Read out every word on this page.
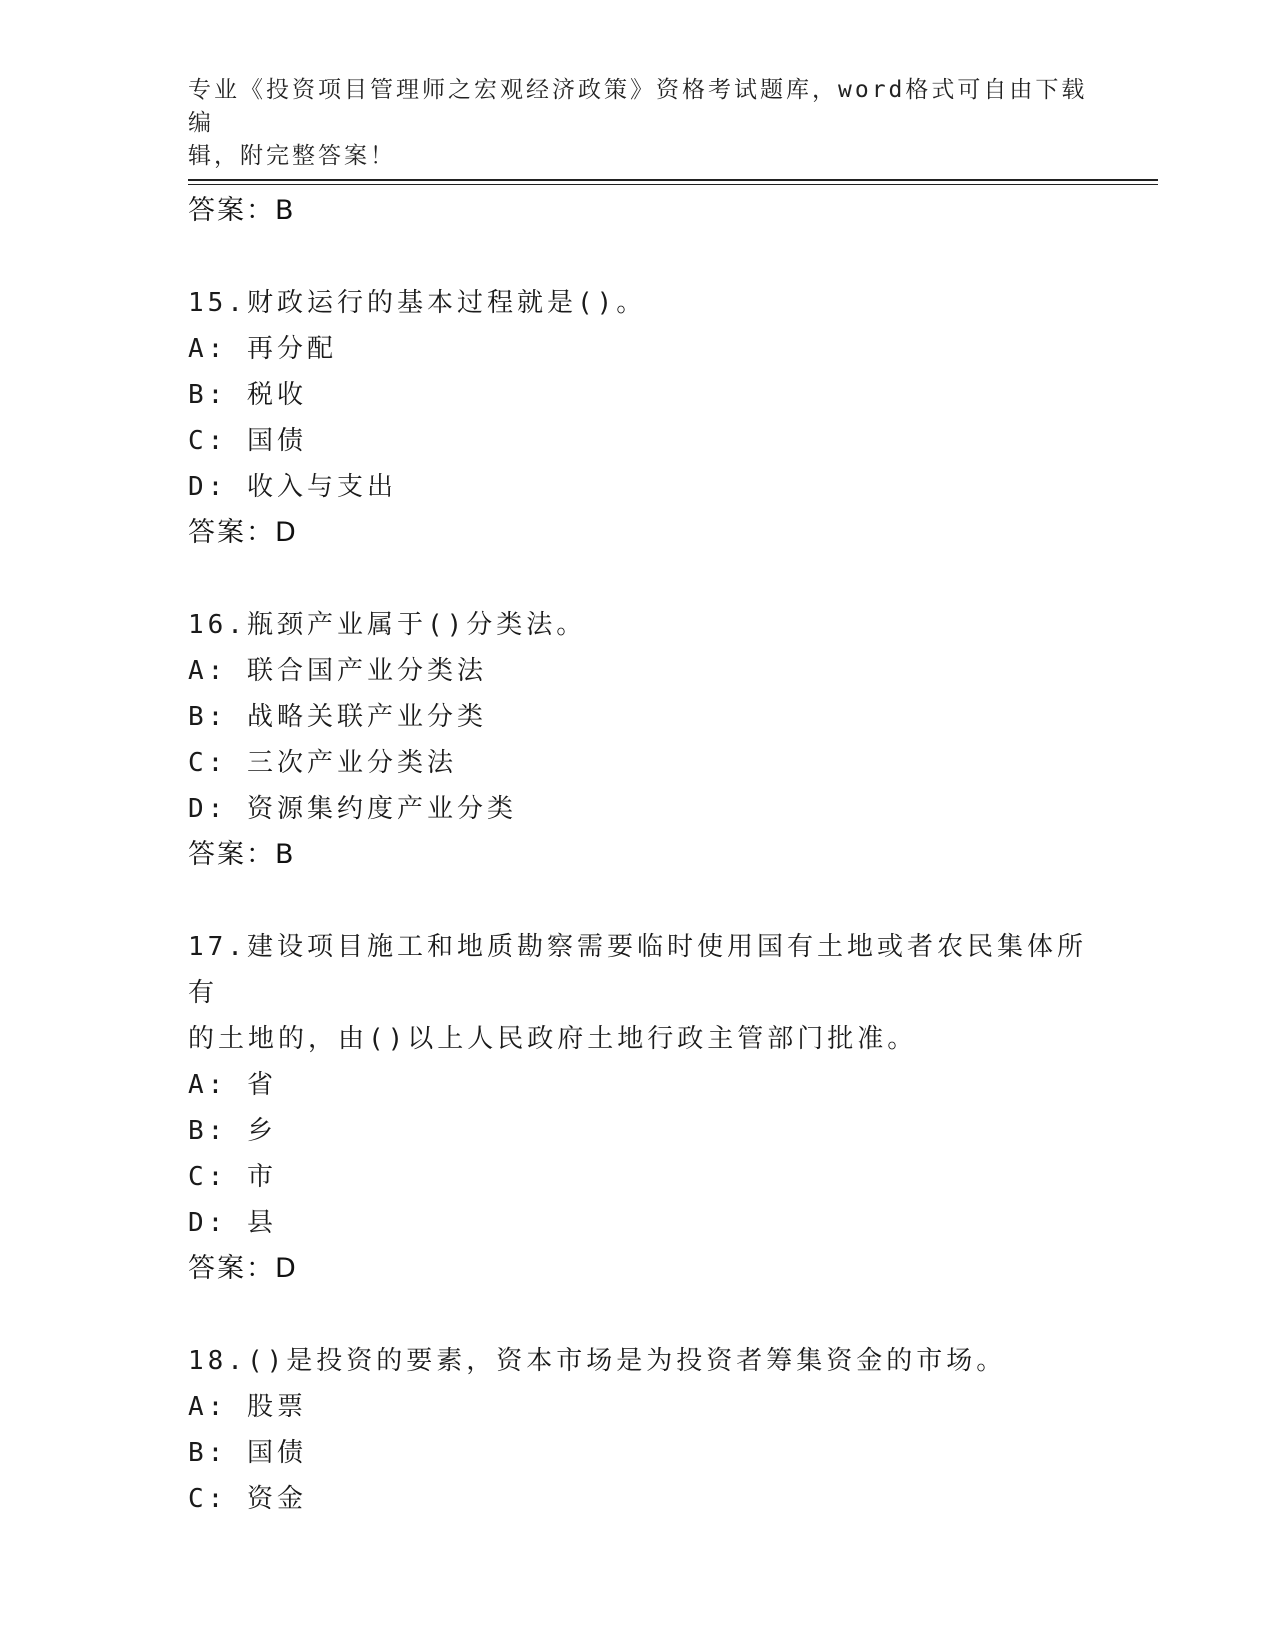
专业《投资项目管理师之宏观经济政策》资格考试题库，word格式可自由下载编
辑，附完整答案！
答案：B
15.财政运行的基本过程就是()。
A: 再分配
B: 税收
C: 国债
D: 收入与支出
答案：D
16.瓶颈产业属于()分类法。
A: 联合国产业分类法
B: 战略关联产业分类
C: 三次产业分类法
D: 资源集约度产业分类
答案：B
17.建设项目施工和地质勘察需要临时使用国有土地或者农民集体所有
的土地的，由()以上人民政府土地行政主管部门批准。
A: 省
B: 乡
C: 市
D: 县
答案：D
18.()是投资的要素，资本市场是为投资者筹集资金的市场。
A: 股票
B: 国债
C: 资金
